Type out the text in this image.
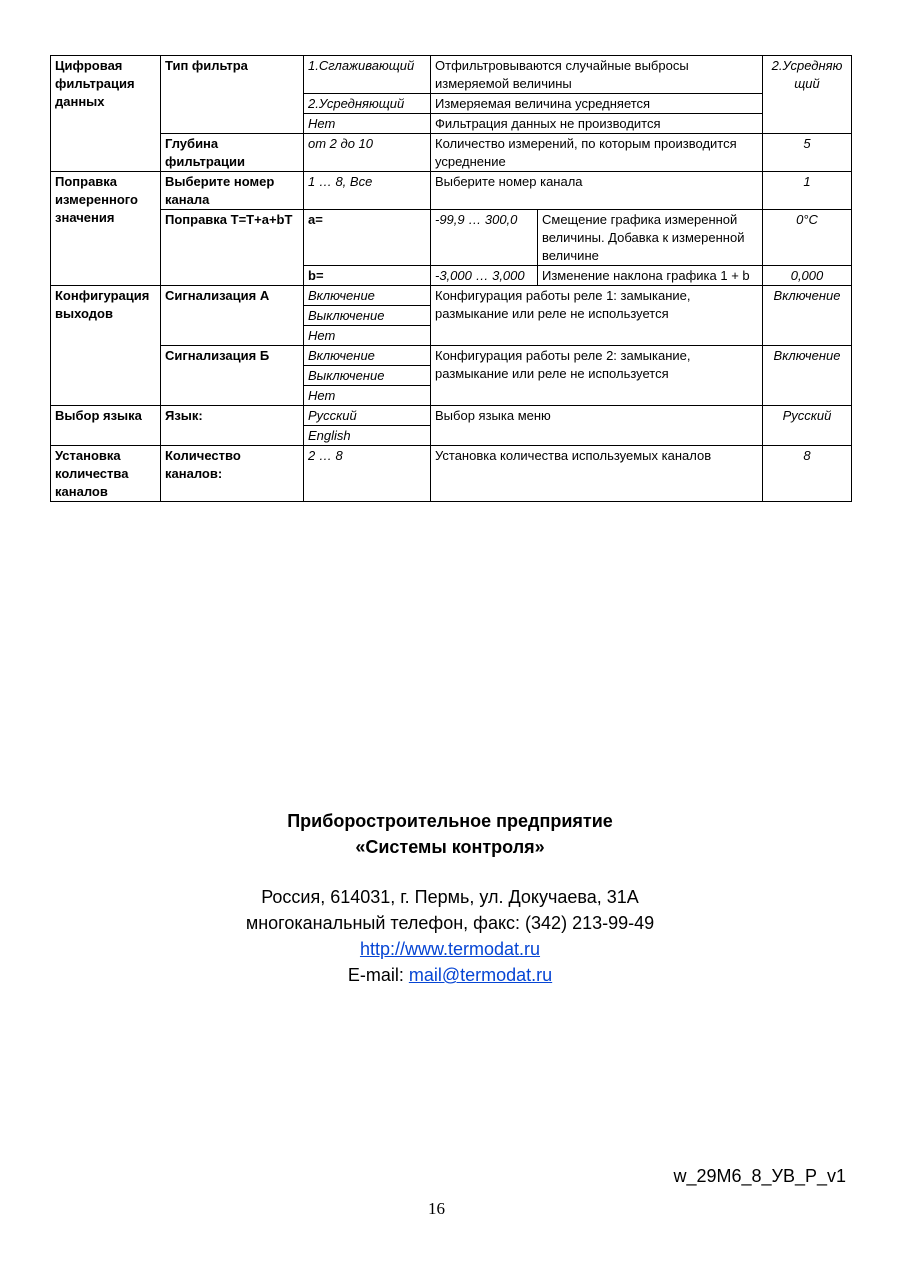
Цифровая фильтрация данных	Тип фильтра	1.Сглаживающий	Отфильтровываются случайные выбросы измеряемой величины		2.Усредняю щий
		2.Усредняющий	Измеряемая величина усредняется		
		Нет	Фильтрация данных не производится		
	Глубина фильтрации	от 2 до 10	Количество измерений, по которым производится усреднение		5
Поправка измеренного значения	Выберите номер канала	1 … 8, Все	Выберите номер канала		1
	Поправка T=T+a+bT	a=	-99,9 … 300,0	Смещение графика измеренной величины. Добавка к измеренной величине	0°C
		b=	-3,000 … 3,000	Изменение наклона графика 1 + b	0,000
Конфигурация выходов	Сигнализация А	Включение	Конфигурация работы реле 1: замыкание, размыкание или реле не используется		Включение
		Выключение			
		Нет			
	Сигнализация Б	Включение	Конфигурация работы реле 2: замыкание, размыкание или реле не используется		Включение
		Выключение			
		Нет			
Выбор языка	Язык:	Русский	Выбор языка меню		Русский
		English			
Установка количества каналов	Количество каналов:	2 … 8	Установка количества используемых каналов		8
Приборостроительное предприятие
«Системы контроля»
Россия, 614031, г. Пермь, ул. Докучаева, 31А
многоканальный телефон, факс: (342) 213-99-49
http://www.termodat.ru
E-mail: mail@termodat.ru
w_29M6_8_УВ_Р_v1
16
